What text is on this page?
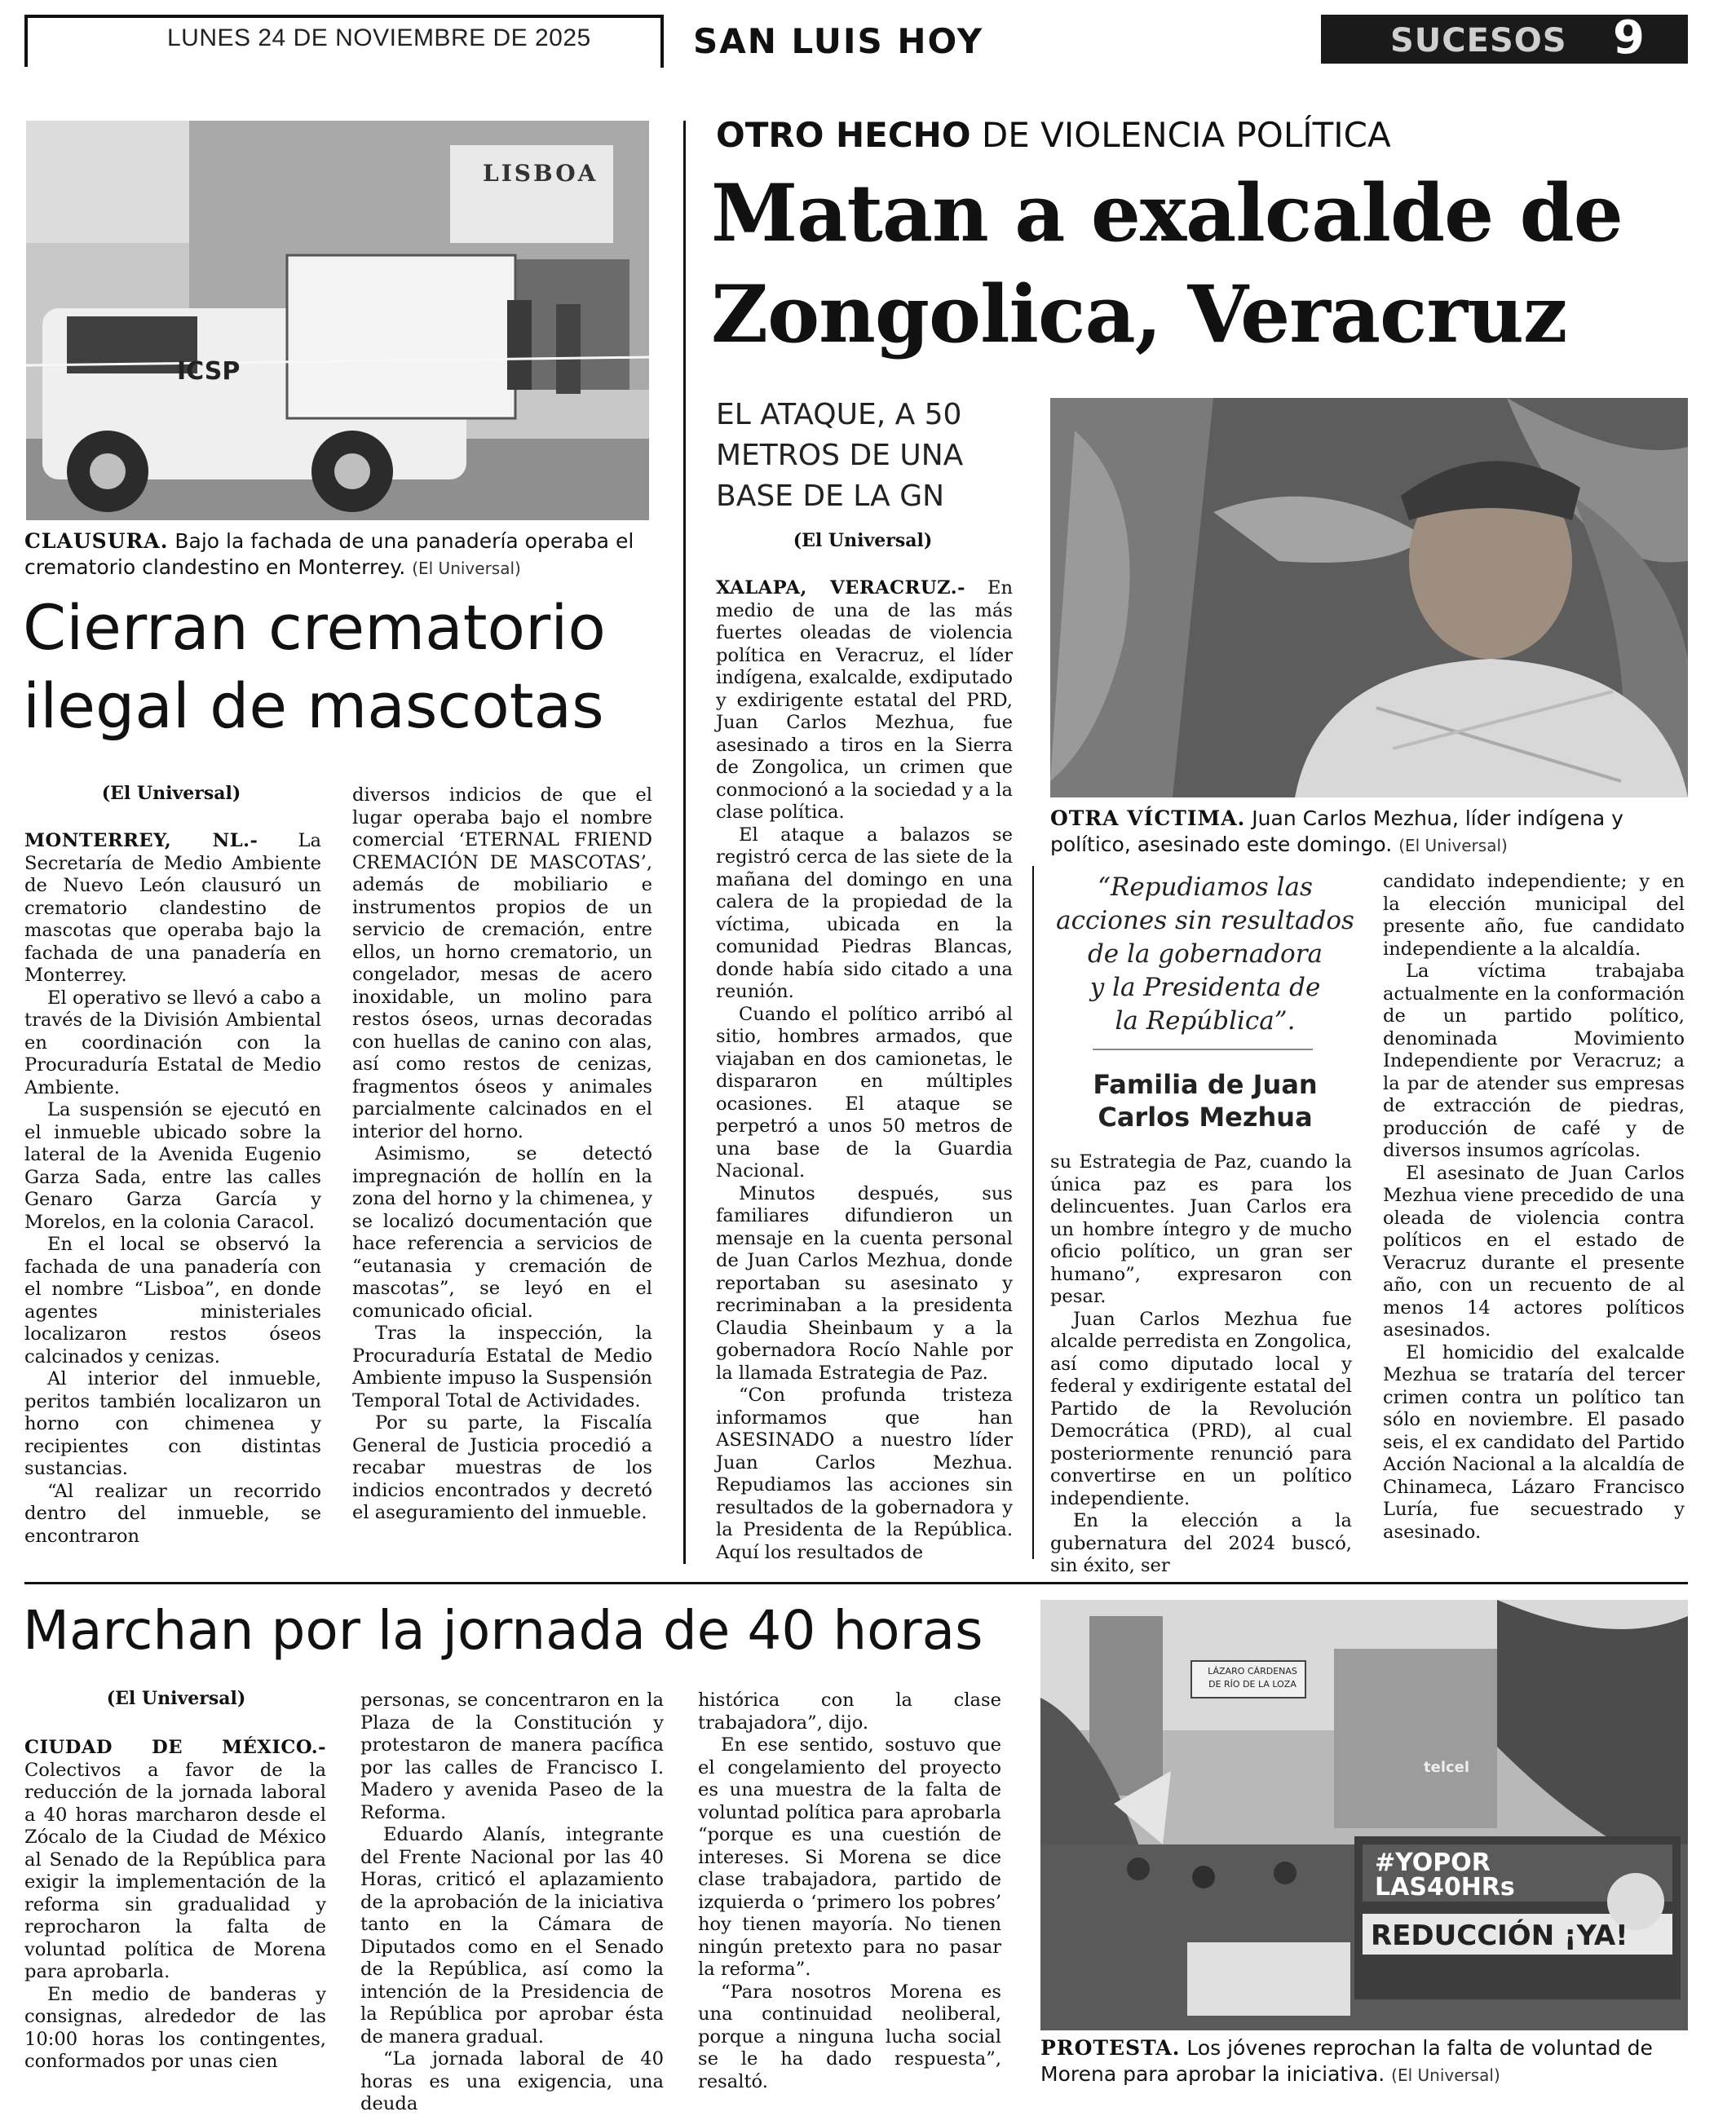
LUNES 24 DE NOVIEMBRE DE 2025	SAN LUIS HOY	SUCESOS 9
LISBOA
ICSP
CLAUSURA. Bajo la fachada de una panadería operaba el crematorio clandestino en Monterrey. (El Universal)
Cierran crematorio
ilegal de mascotas
(El Universal)

MONTERREY, NL.- La Secretaría de Medio Ambiente de Nuevo León clausuró un crematorio clandestino de mascotas que operaba bajo la fachada de una panadería en Monterrey.

El operativo se llevó a cabo a través de la División Ambiental en coordinación con la Procuraduría Estatal de Medio Ambiente.

La suspensión se ejecutó en el inmueble ubicado sobre la lateral de la Avenida Eugenio Garza Sada, entre las calles Genaro Garza García y Morelos, en la colonia Caracol.

En el local se observó la fachada de una panadería con el nombre “Lisboa”, en donde agentes ministeriales localizaron restos óseos calcinados y cenizas.

Al interior del inmueble, peritos también localizaron un horno con chimenea y recipientes con distintas sustancias.

“Al realizar un recorrido dentro del inmueble, se encontraron

diversos indicios de que el lugar operaba bajo el nombre comercial ‘ETERNAL FRIEND CREMACIÓN DE MASCOTAS’, además de mobiliario e instrumentos propios de un servicio de cremación, entre ellos, un horno crematorio, un congelador, mesas de acero inoxidable, un molino para restos óseos, urnas decoradas con huellas de canino con alas, así como restos de cenizas, fragmentos óseos y animales parcialmente calcinados en el interior del horno.

Asimismo, se detectó impregnación de hollín en la zona del horno y la chimenea, y se localizó documentación que hace referencia a servicios de “eutanasia y cremación de mascotas”, se leyó en el comunicado oficial.

Tras la inspección, la Procuraduría Estatal de Medio Ambiente impuso la Suspensión Temporal Total de Actividades.

Por su parte, la Fiscalía General de Justicia procedió a recabar muestras de los indicios encontrados y decretó el aseguramiento del inmueble.

OTRO HECHO DE VIOLENCIA POLÍTICA
Matan a exalcalde de
Zongolica, Veracruz
EL ATAQUE, A 50
METROS DE UNA
BASE DE LA GN
(El Universal)

XALAPA, VERACRUZ.- En medio de una de las más fuertes oleadas de violencia política en Veracruz, el líder indígena, exalcalde, exdiputado y exdirigente estatal del PRD, Juan Carlos Mezhua, fue asesinado a tiros en la Sierra de Zongolica, un crimen que conmocionó a la sociedad y a la clase política.

El ataque a balazos se registró cerca de las siete de la mañana del domingo en una calera de la propiedad de la víctima, ubicada en la comunidad Piedras Blancas, donde había sido citado a una reunión.

Cuando el político arribó al sitio, hombres armados, que viajaban en dos camionetas, le dispararon en múltiples ocasiones. El ataque se perpetró a unos 50 metros de una base de la Guardia Nacional.

Minutos después, sus familiares difundieron un mensaje en la cuenta personal de Juan Carlos Mezhua, donde reportaban su asesinato y recriminaban a la presidenta Claudia Sheinbaum y a la gobernadora Rocío Nahle por la llamada Estrategia de Paz.

“Con profunda tristeza informamos que han ASESINADO a nuestro líder Juan Carlos Mezhua. Repudiamos las acciones sin resultados de la gobernadora y la Presidenta de la República. Aquí los resultados de

OTRA VÍCTIMA. Juan Carlos Mezhua, líder indígena y político, asesinado este domingo. (El Universal)
“Repudiamos las
acciones sin resultados
de la gobernadora
y la Presidenta de
la República”.
Familia de Juan
Carlos Mezhua

su Estrategia de Paz, cuando la única paz es para los delincuentes. Juan Carlos era un hombre íntegro y de mucho oficio político, un gran ser humano”, expresaron con pesar.

Juan Carlos Mezhua fue alcalde perredista en Zongolica, así como diputado local y federal y exdirigente estatal del Partido de la Revolución Democrática (PRD), al cual posteriormente renunció para convertirse en un político independiente.

En la elección a la gubernatura del 2024 buscó, sin éxito, ser

candidato independiente; y en la elección municipal del presente año, fue candidato independiente a la alcaldía.

La víctima trabajaba actualmente en la conformación de un partido político, denominada Movimiento Independiente por Veracruz; a la par de atender sus empresas de extracción de piedras, producción de café y de diversos insumos agrícolas.

El asesinato de Juan Carlos Mezhua viene precedido de una oleada de violencia contra políticos en el estado de Veracruz durante el presente año, con un recuento de al menos 14 actores políticos asesinados.

El homicidio del exalcalde Mezhua se trataría del tercer crimen contra un político tan sólo en noviembre. El pasado seis, el ex candidato del Partido Acción Nacional a la alcaldía de Chinameca, Lázaro Francisco Luría, fue secuestrado y asesinado.

Marchan por la jornada de 40 horas
(El Universal)

CIUDAD DE MÉXICO.- Colectivos a favor de la reducción de la jornada laboral a 40 horas marcharon desde el Zócalo de la Ciudad de México al Senado de la República para exigir la implementación de la reforma sin gradualidad y reprocharon la falta de voluntad política de Morena para aprobarla.

En medio de banderas y consignas, alrededor de las 10:00 horas los contingentes, conformados por unas cien

personas, se concentraron en la Plaza de la Constitución y protestaron de manera pacífica por las calles de Francisco I. Madero y avenida Paseo de la Reforma.

Eduardo Alanís, integrante del Frente Nacional por las 40 Horas, criticó el aplazamiento de la aprobación de la iniciativa tanto en la Cámara de Diputados como en el Senado de la República, así como la intención de la Presidencia de la República por aprobar ésta de manera gradual.

“La jornada laboral de 40 horas es una exigencia, una deuda

histórica con la clase trabajadora”, dijo.

En ese sentido, sostuvo que el congelamiento del proyecto es una muestra de la falta de voluntad política para aprobarla “porque es una cuestión de intereses. Si Morena se dice clase trabajadora, partido de izquierda o ‘primero los pobres’ hoy tienen mayoría. No tienen ningún pretexto para no pasar la reforma”.

“Para nosotros Morena es una continuidad neoliberal, porque a ninguna lucha social se le ha dado respuesta”, resaltó.

LÁZARO CÁRDENAS
DE RÍO DE LA LOZA
telcel
#YOPOR LAS40HRs
REDUCCIÓN ¡YA!
PROTESTA. Los jóvenes reprochan la falta de voluntad de Morena para aprobar la iniciativa. (El Universal)
